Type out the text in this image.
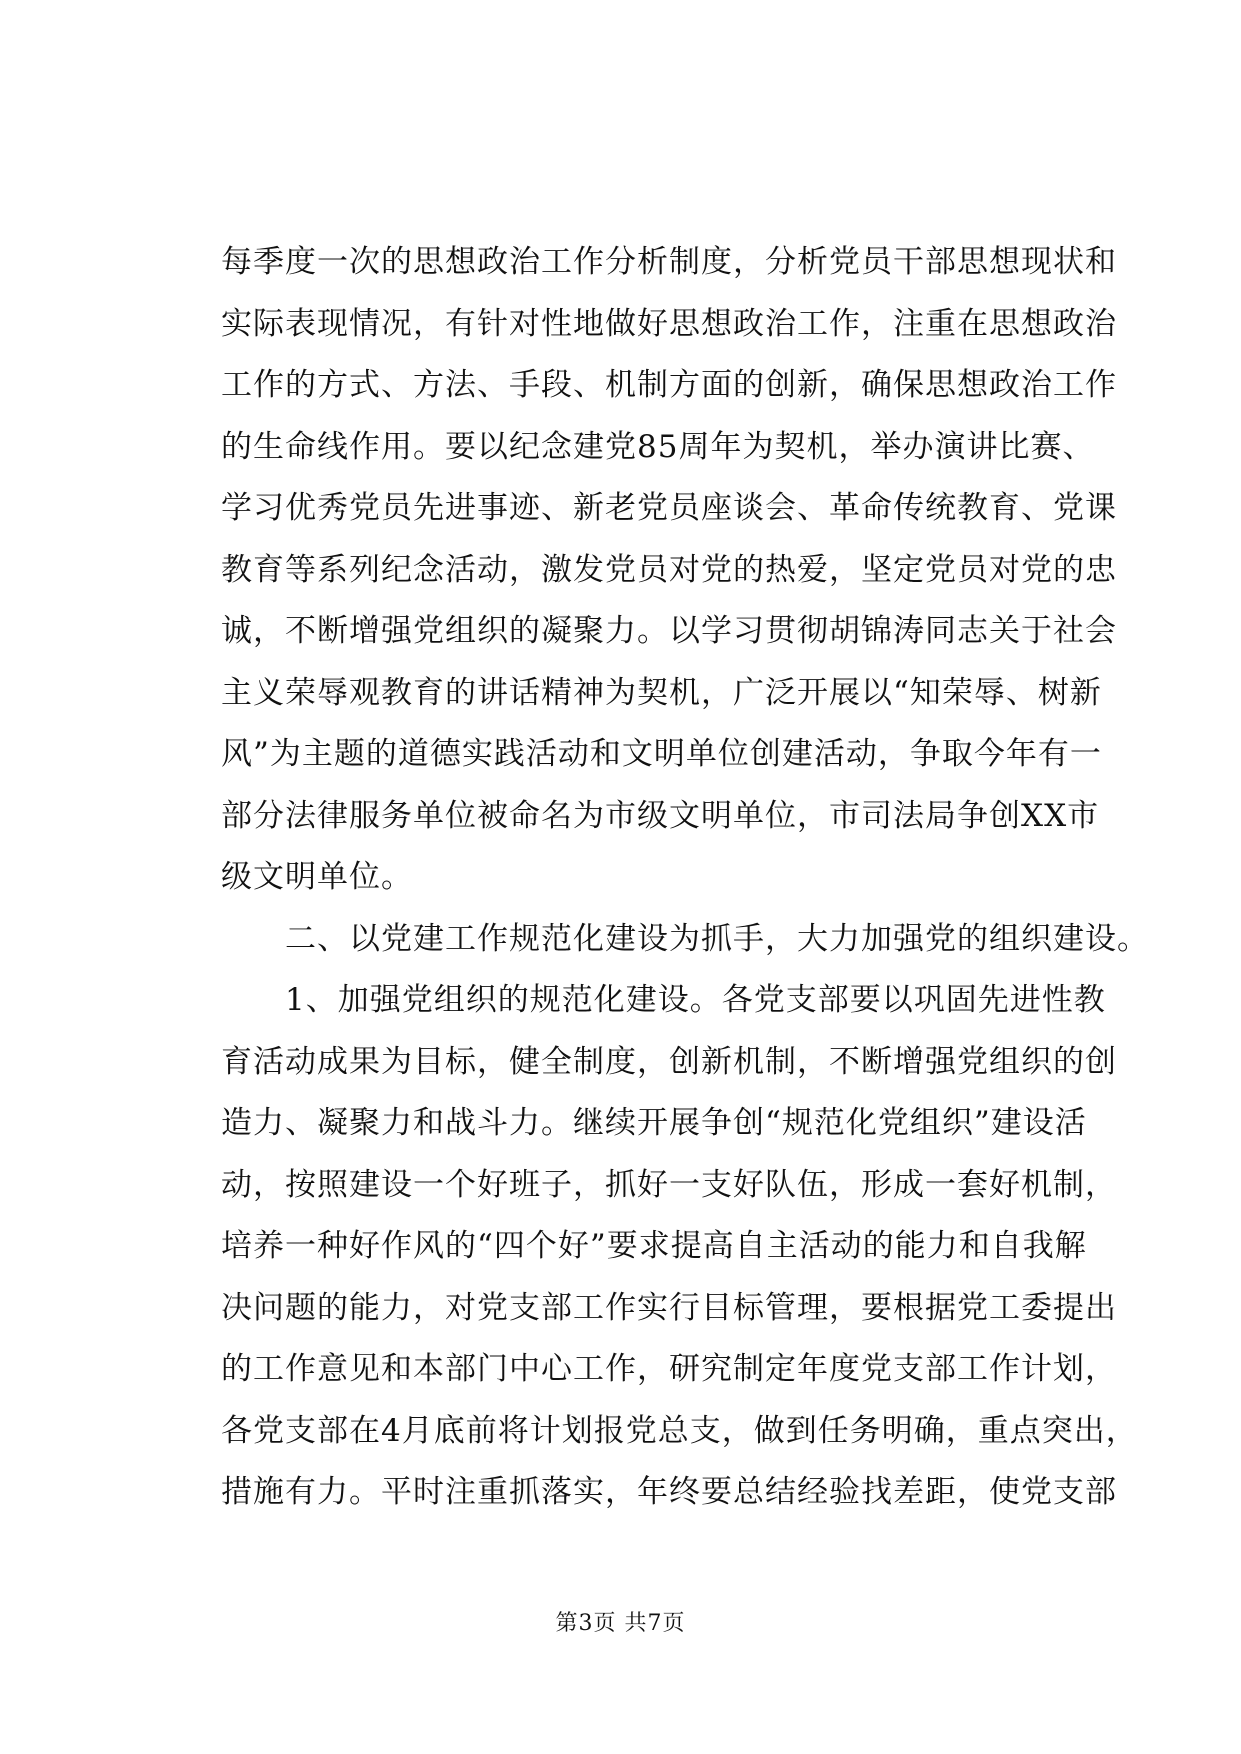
每季度一次的思想政治工作分析制度，分析党员干部思想现状和
实际表现情况，有针对性地做好思想政治工作，注重在思想政治
工作的方式、方法、手段、机制方面的创新，确保思想政治工作
的生命线作用。要以纪念建党85周年为契机，举办演讲比赛、
学习优秀党员先进事迹、新老党员座谈会、革命传统教育、党课
教育等系列纪念活动，激发党员对党的热爱，坚定党员对党的忠
诚，不断增强党组织的凝聚力。以学习贯彻胡锦涛同志关于社会
主义荣辱观教育的讲话精神为契机，广泛开展以“知荣辱、树新
风”为主题的道德实践活动和文明单位创建活动，争取今年有一
部分法律服务单位被命名为市级文明单位，市司法局争创XX市
级文明单位。
　　二、以党建工作规范化建设为抓手，大力加强党的组织建设。
　　1、加强党组织的规范化建设。各党支部要以巩固先进性教
育活动成果为目标，健全制度，创新机制，不断增强党组织的创
造力、凝聚力和战斗力。继续开展争创“规范化党组织”建设活
动，按照建设一个好班子，抓好一支好队伍，形成一套好机制，
培养一种好作风的“四个好”要求提高自主活动的能力和自我解
决问题的能力，对党支部工作实行目标管理，要根据党工委提出
的工作意见和本部门中心工作，研究制定年度党支部工作计划，
各党支部在4月底前将计划报党总支，做到任务明确，重点突出，
措施有力。平时注重抓落实，年终要总结经验找差距，使党支部
第3页 共7页
